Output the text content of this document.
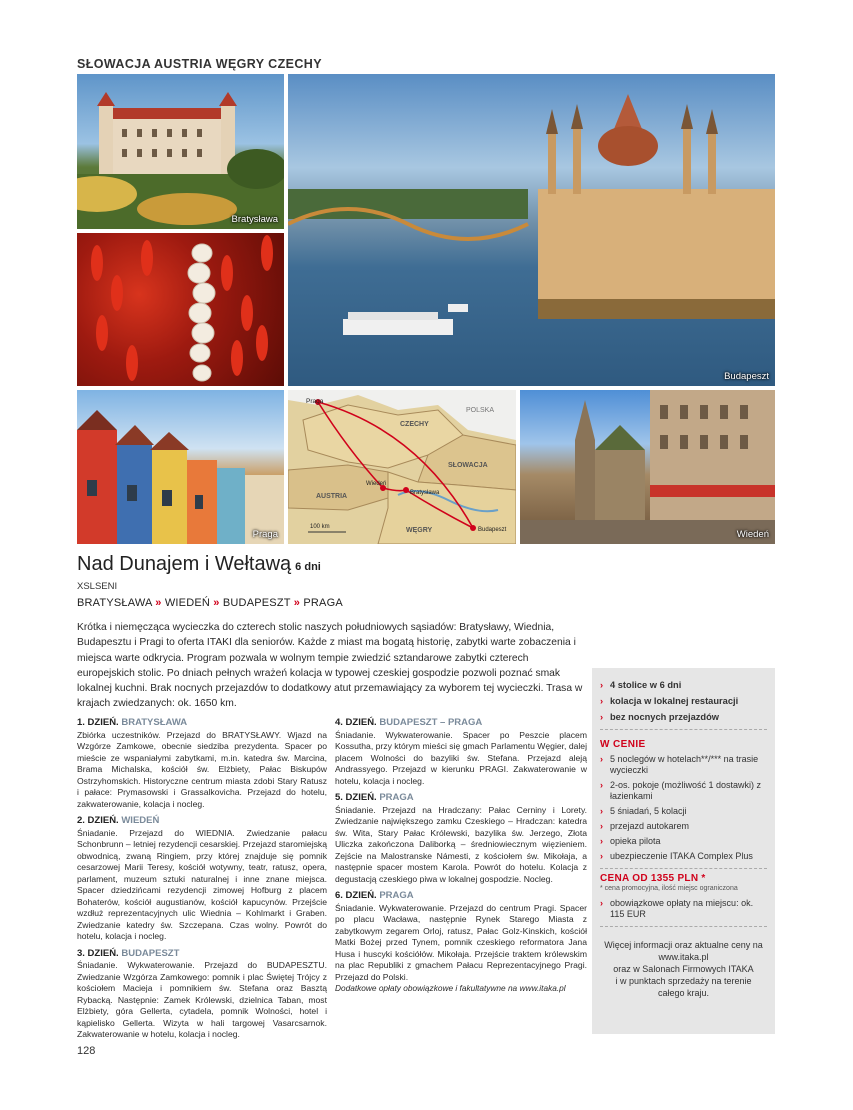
SŁOWACJA AUSTRIA WĘGRY CZECHY
Bratysława
Budapeszt
Praga
Praga
CZECHY
POLSKA
SŁOWACJA
AUSTRIA
Wiedeń
Bratysława
WĘGRY	Budapeszt
100 km
Wiedeń
Nad Dunajem i Wełtawą 6 dni
XSLSENI
BRATYSŁAWA » WIEDEŃ » BUDAPESZT » PRAGA
Krótka i niemęcząca wycieczka do czterech stolic naszych południowych sąsiadów: Bratysławy, Wiednia, Budapesztu i Pragi to oferta ITAKI dla seniorów. Każde z miast ma bogatą historię, zabytki warte zobaczenia i miejsca warte odkrycia. Program pozwala w wolnym tempie zwiedzić sztandarowe zabytki czterech europejskich stolic. Po dniach pełnych wrażeń kolacja w typowej czeskiej gospodzie pozwoli poznać smak lokalnej kuchni. Brak nocnych przejazdów to dodatkowy atut przemawiający za wyborem tej wycieczki. Trasa w krajach zwiedzanych: ok. 1650 km.
1. DZIEŃ. BRATYSŁAWA

Zbiórka uczestników. Przejazd do BRATYSŁAWY. Wjazd na Wzgórze Zamkowe, obecnie siedziba prezydenta. Spacer po mieście ze wspaniałymi zabytkami, m.in. katedra św. Marcina, Brama Michalska, kościół św. Elżbiety, Pałac Biskupów Ostrzyhomskich. Historyczne centrum miasta zdobi Stary Ratusz i pałace: Prymasowski i Grassalkovicha. Przejazd do hotelu, zakwaterowanie, kolacja i nocleg.

2. DZIEŃ. WIEDEŃ

Śniadanie. Przejazd do WIEDNIA. Zwiedzanie pałacu Schonbrunn – letniej rezydencji cesarskiej. Przejazd staromiejską obwodnicą, zwaną Ringiem, przy której znajduje się pomnik cesarzowej Marii Teresy, kościół wotywny, teatr, ratusz, opera, parlament, muzeum sztuki naturalnej i inne znane miejsca. Spacer dziedzińcami rezydencji zimowej Hofburg z placem Bohaterów, kościół augustianów, kościół kapucynów. Przejście wzdłuż reprezentacyjnych ulic Wiednia – Kohlmarkt i Graben. Zwiedzanie katedry św. Szczepana. Czas wolny. Powrót do hotelu, kolacja i nocleg.

3. DZIEŃ. BUDAPESZT

Śniadanie. Wykwaterowanie. Przejazd do BUDAPESZTU. Zwiedzanie Wzgórza Zamkowego: pomnik i plac Świętej Trójcy z kościołem Macieja i pomnikiem św. Stefana oraz Basztą Rybacką. Następnie: Zamek Królewski, dzielnica Taban, most Elżbiety, góra Gellerta, cytadela, pomnik Wolności, hotel i kąpielisko Gellerta. Wizyta w hali targowej Vasarcsarnok. Zakwaterowanie w hotelu, kolacja i nocleg.

4. DZIEŃ. BUDAPESZT – PRAGA

Śniadanie. Wykwaterowanie. Spacer po Peszcie placem Kossutha, przy którym mieści się gmach Parlamentu Węgier, dalej placem Wolności do bazyliki św. Stefana. Przejazd aleją Andrassyego. Przejazd w kierunku PRAGI. Zakwaterowanie w hotelu, kolacja i nocleg.

5. DZIEŃ. PRAGA

Śniadanie. Przejazd na Hradczany: Pałac Cerniny i Lorety. Zwiedzanie największego zamku Czeskiego – Hradczan: katedra św. Wita, Stary Pałac Królewski, bazylika św. Jerzego, Złota Uliczka zakończona Daliborką – średniowiecznym więzieniem. Zejście na Malostranske Námesti, z kościołem św. Mikołaja, a następnie spacer mostem Karola. Powrót do hotelu. Kolacja z degustacją czeskiego piwa w lokalnej gospodzie. Nocleg.

6. DZIEŃ. PRAGA

Śniadanie. Wykwaterowanie. Przejazd do centrum Pragi. Spacer po placu Wacława, następnie Rynek Starego Miasta z zabytkowym zegarem Orloj, ratusz, Pałac Golz-Kinskich, kościół Matki Bożej przed Tynem, pomnik czeskiego reformatora Jana Husa i huscyki kościółów. Mikołaja. Przejście traktem królewskim na plac Republiki z gmachem Pałacu Reprezentacyjnego Pragi. Przejazd do Polski.

Dodatkowe opłaty obowiązkowe i fakultatywne na www.itaka.pl

128
› 4 stolice w 6 dni
› kolacja w lokalnej restauracji
› bez nocnych przejazdów
W CENIE
› 5 noclegów w hotelach**/*** na trasie wycieczki
› 2-os. pokoje (możliwość 1 dostawki) z łazienkami
› 5 śniadań, 5 kolacji
› przejazd autokarem
› opieka pilota
› ubezpieczenie ITAKA Complex Plus
CENA OD 1355 PLN *
* cena promocyjna, ilość miejsc ograniczona
› obowiązkowe opłaty na miejscu: ok. 115 EUR
Więcej informacji oraz aktualne ceny na
www.itaka.pl
oraz w Salonach Firmowych ITAKA
i w punktach sprzedaży na terenie
całego kraju.
